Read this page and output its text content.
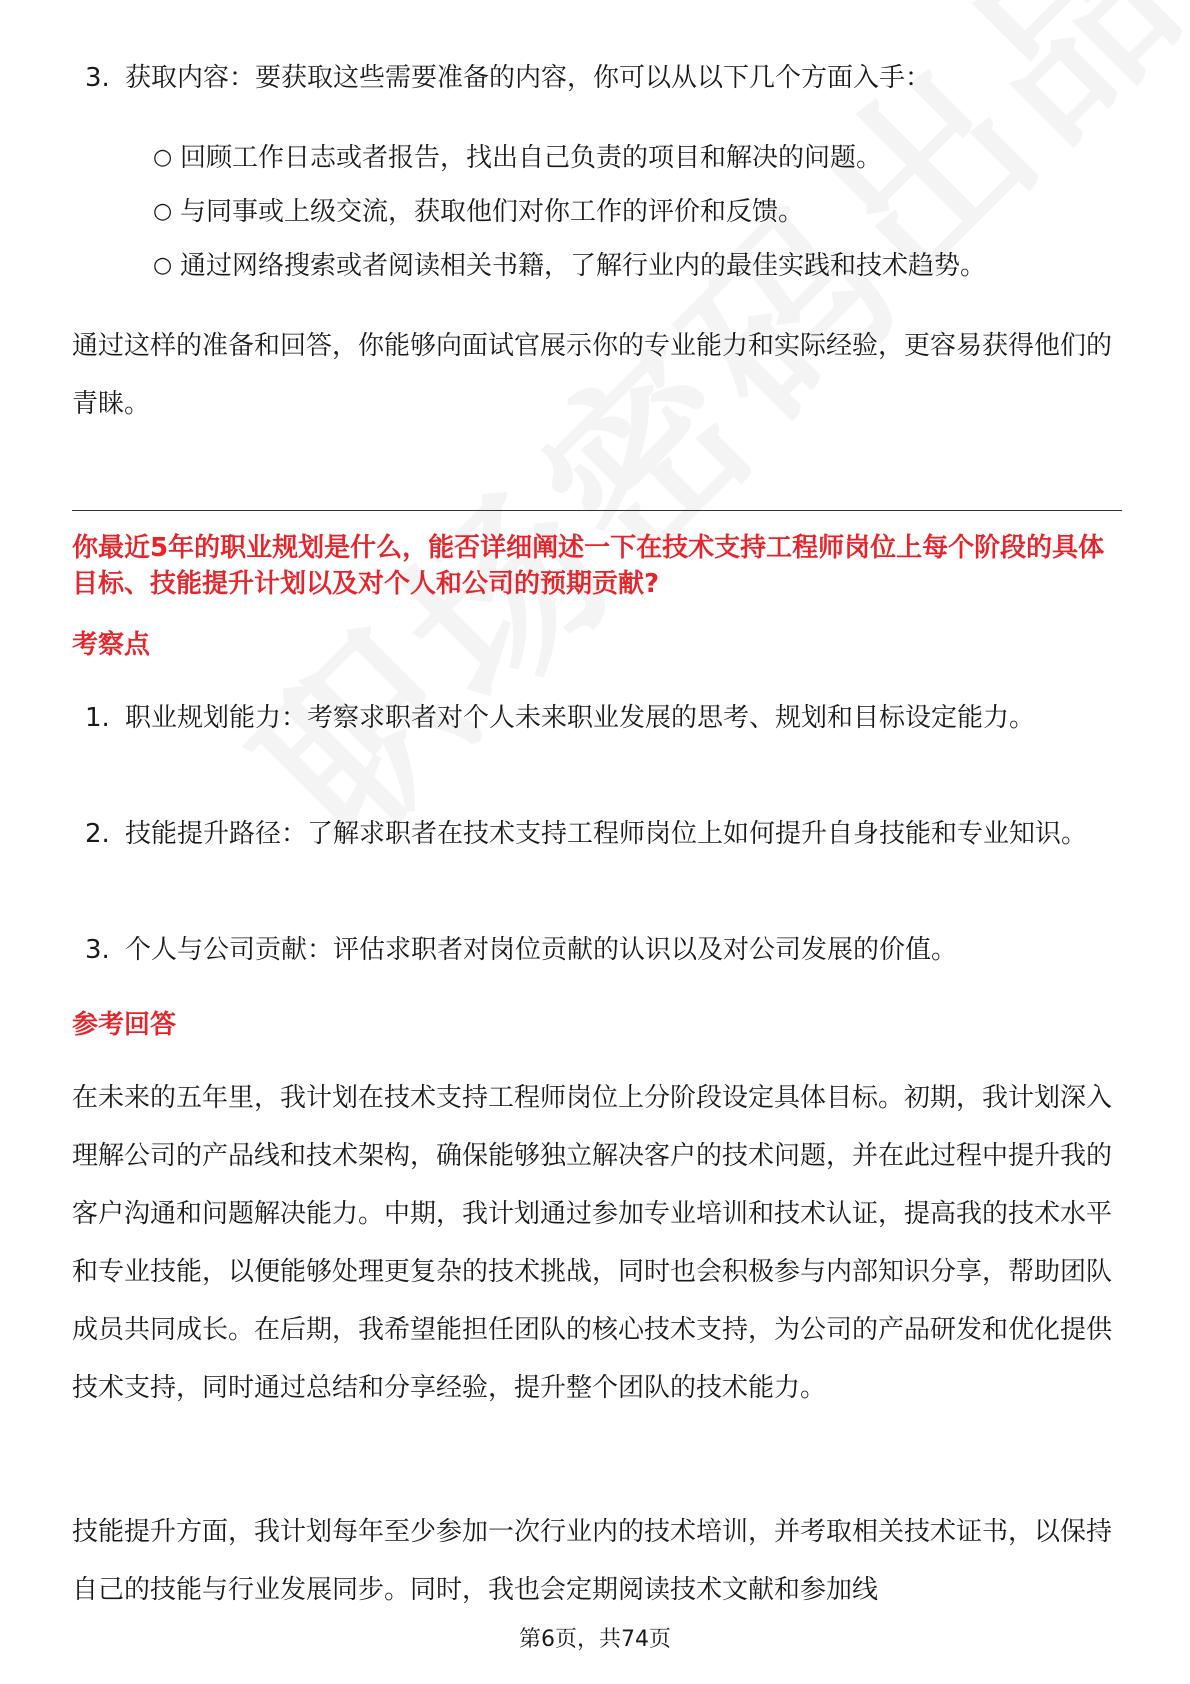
3. 获取内容：要获取这些需要准备的内容，你可以从以下几个方面入手：
○ 回顾工作日志或者报告，找出自己负责的项目和解决的问题。
○ 与同事或上级交流，获取他们对你工作的评价和反馈。
○ 通过网络搜索或者阅读相关书籍，了解行业内的最佳实践和技术趋势。
通过这样的准备和回答，你能够向面试官展示你的专业能力和实际经验，更容易获得他们的青睐。
你最近5年的职业规划是什么，能否详细阐述一下在技术支持工程师岗位上每个阶段的具体目标、技能提升计划以及对个人和公司的预期贡献?
考察点
1. 职业规划能力：考察求职者对个人未来职业发展的思考、规划和目标设定能力。
2. 技能提升路径：了解求职者在技术支持工程师岗位上如何提升自身技能和专业知识。
3. 个人与公司贡献：评估求职者对岗位贡献的认识以及对公司发展的价值。
参考回答
在未来的五年里，我计划在技术支持工程师岗位上分阶段设定具体目标。初期，我计划深入理解公司的产品线和技术架构，确保能够独立解决客户的技术问题，并在此过程中提升我的客户沟通和问题解决能力。中期，我计划通过参加专业培训和技术认证，提高我的技术水平和专业技能，以便能够处理更复杂的技术挑战，同时也会积极参与内部知识分享，帮助团队成员共同成长。在后期，我希望能担任团队的核心技术支持，为公司的产品研发和优化提供技术支持，同时通过总结和分享经验，提升整个团队的技术能力。
技能提升方面，我计划每年至少参加一次行业内的技术培训，并考取相关技术证书，以保持自己的技能与行业发展同步。同时，我也会定期阅读技术文献和参加线
第6页，共74页
